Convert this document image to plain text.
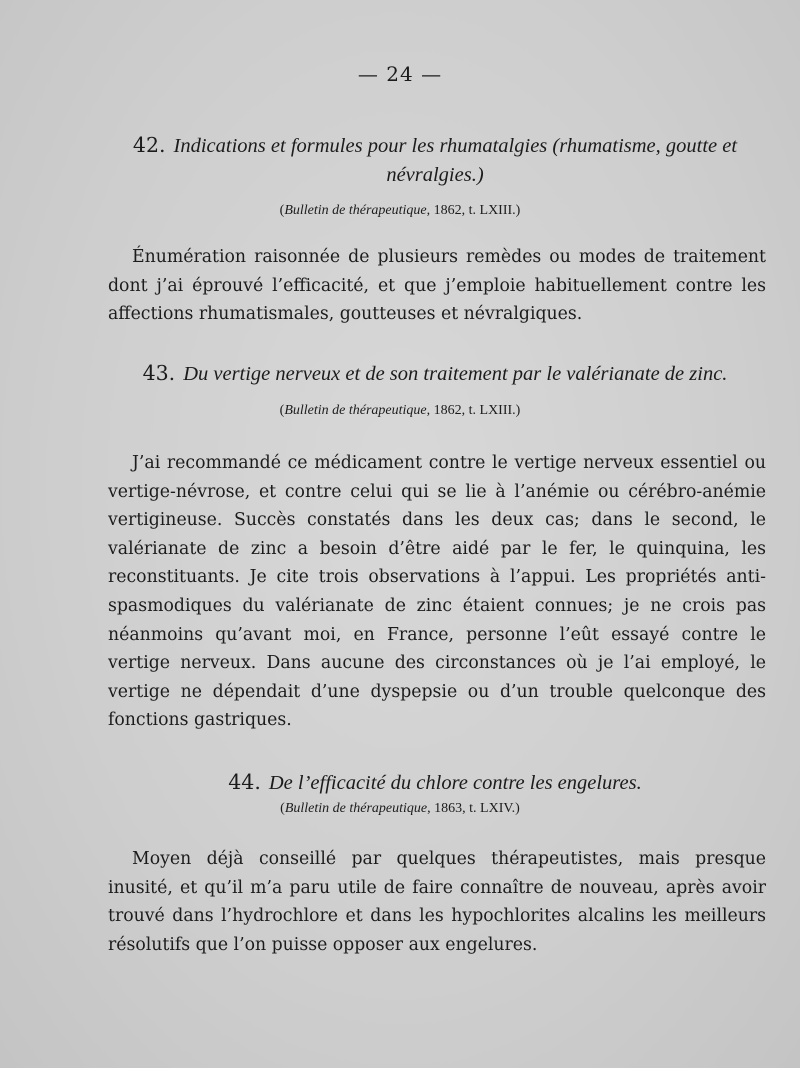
— 24 —
42. Indications et formules pour les rhumatalgies (rhumatisme, goutte et névralgies.)
(Bulletin de thérapeutique, 1862, t. LXIII.)

Énumération raisonnée de plusieurs remèdes ou modes de traitement dont j’ai éprouvé l’efficacité, et que j’emploie habituellement contre les affections rhumatismales, goutteuses et névralgiques.

43. Du vertige nerveux et de son traitement par le valérianate de zinc.
(Bulletin de thérapeutique, 1862, t. LXIII.)

J’ai recommandé ce médicament contre le vertige nerveux essentiel ou vertige-névrose, et contre celui qui se lie à l’anémie ou cérébro-anémie vertigineuse. Succès constatés dans les deux cas; dans le second, le valérianate de zinc a besoin d’être aidé par le fer, le quinquina, les reconstituants. Je cite trois observations à l’appui. Les propriétés anti-spasmodiques du valérianate de zinc étaient connues; je ne crois pas néanmoins qu’avant moi, en France, personne l’eût essayé contre le vertige nerveux. Dans aucune des circonstances où je l’ai employé, le vertige ne dépendait d’une dyspepsie ou d’un trouble quelconque des fonctions gastriques.

44. De l’efficacité du chlore contre les engelures.
(Bulletin de thérapeutique, 1863, t. LXIV.)

Moyen déjà conseillé par quelques thérapeutistes, mais presque inusité, et qu’il m’a paru utile de faire connaître de nouveau, après avoir trouvé dans l’hydrochlore et dans les hypochlorites alcalins les meilleurs résolutifs que l’on puisse opposer aux engelures.
